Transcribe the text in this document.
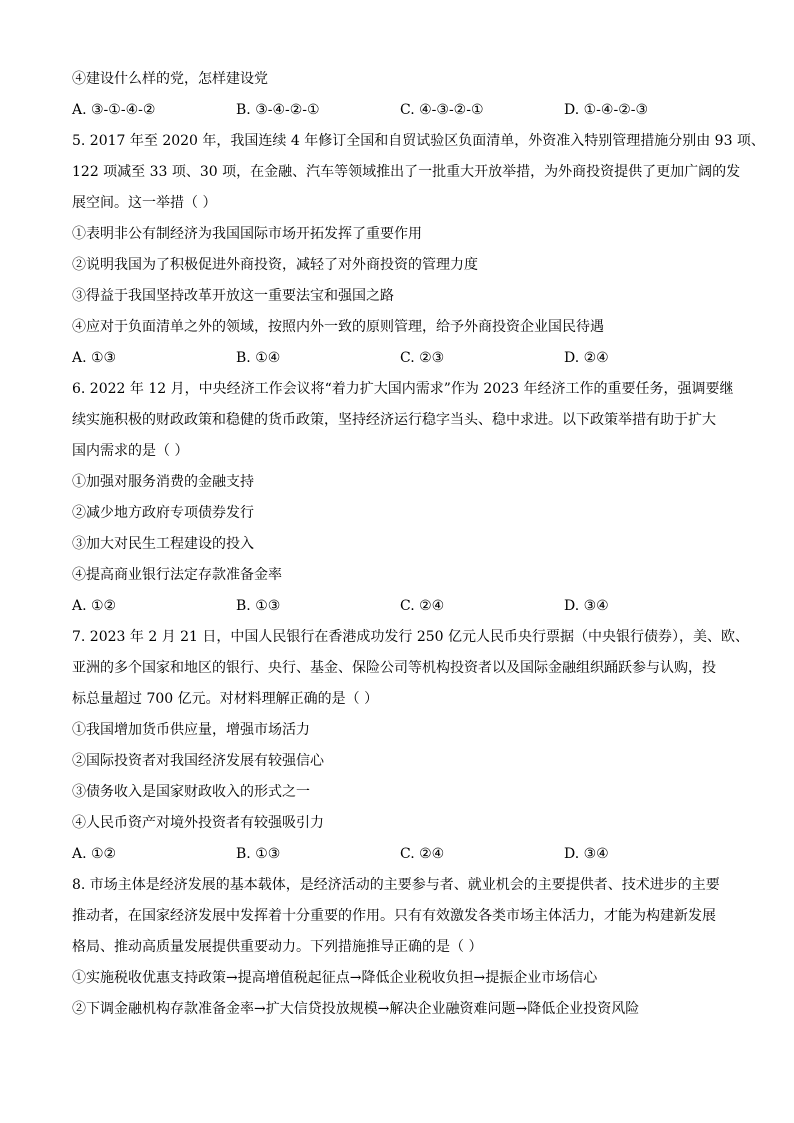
④建设什么样的党，怎样建设党
A. ③-①-④-②	B. ③-④-②-①	C. ④-③-②-①	D. ①-④-②-③
5. 2017 年至 2020 年，我国连续 4 年修订全国和自贸试验区负面清单，外资准入特别管理措施分别由 93 项、
122 项减至 33 项、30 项，在金融、汽车等领域推出了一批重大开放举措，为外商投资提供了更加广阔的发
展空间。这一举措（ ）
①表明非公有制经济为我国国际市场开拓发挥了重要作用
②说明我国为了积极促进外商投资，减轻了对外商投资的管理力度
③得益于我国坚持改革开放这一重要法宝和强国之路
④应对于负面清单之外的领域，按照内外一致的原则管理，给予外商投资企业国民待遇
A. ①③	B. ①④	C. ②③	D. ②④
6. 2022 年 12 月，中央经济工作会议将“着力扩大国内需求”作为 2023 年经济工作的重要任务，强调要继
续实施积极的财政政策和稳健的货币政策，坚持经济运行稳字当头、稳中求进。以下政策举措有助于扩大
国内需求的是（ ）
①加强对服务消费的金融支持
②减少地方政府专项债券发行
③加大对民生工程建设的投入
④提高商业银行法定存款准备金率
A. ①②	B. ①③	C. ②④	D. ③④
7. 2023 年 2 月 21 日，中国人民银行在香港成功发行 250 亿元人民币央行票据（中央银行债券），美、欧、
亚洲的多个国家和地区的银行、央行、基金、保险公司等机构投资者以及国际金融组织踊跃参与认购，投
标总量超过 700 亿元。对材料理解正确的是（ ）
①我国增加货币供应量，增强市场活力
②国际投资者对我国经济发展有较强信心
③债务收入是国家财政收入的形式之一
④人民币资产对境外投资者有较强吸引力
A. ①②	B. ①③	C. ②④	D. ③④
8. 市场主体是经济发展的基本载体，是经济活动的主要参与者、就业机会的主要提供者、技术进步的主要
推动者，在国家经济发展中发挥着十分重要的作用。只有有效激发各类市场主体活力，才能为构建新发展
格局、推动高质量发展提供重要动力。下列措施推导正确的是（ ）
①实施税收优惠支持政策→提高增值税起征点→降低企业税收负担→提振企业市场信心
②下调金融机构存款准备金率→扩大信贷投放规模→解决企业融资难问题→降低企业投资风险
